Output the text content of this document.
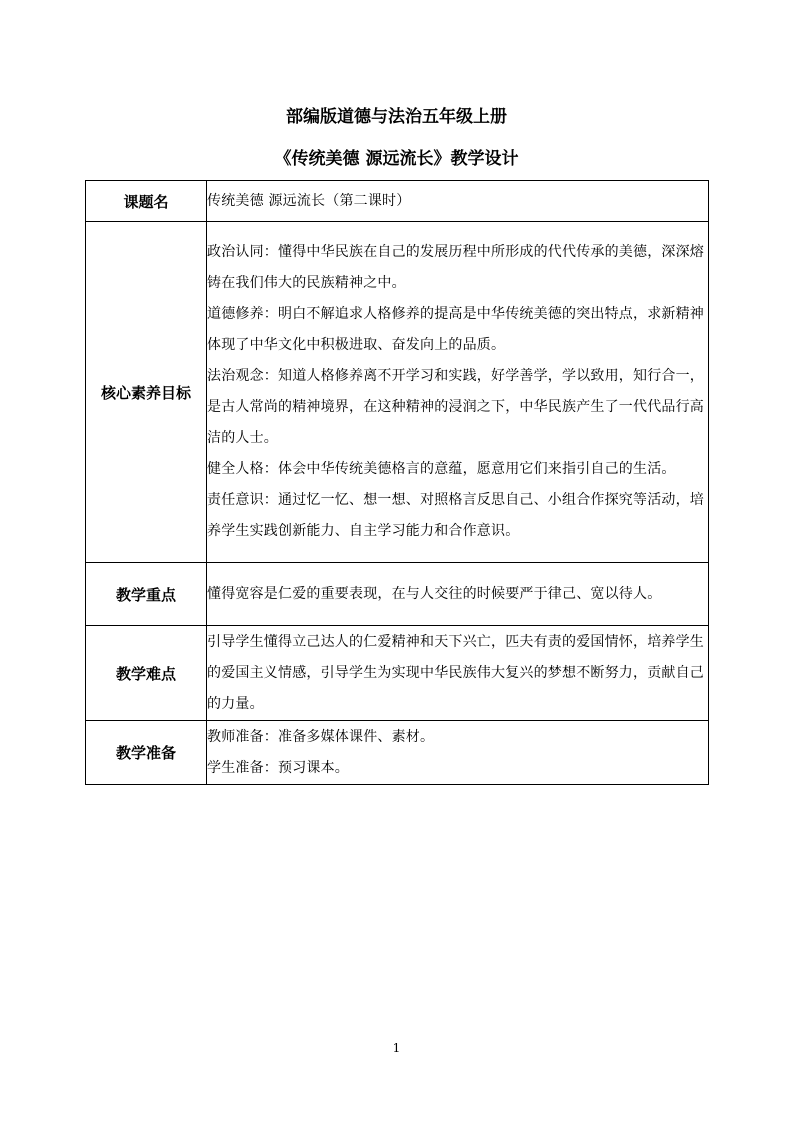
部编版道德与法治五年级上册
《传统美德 源远流长》教学设计
课题名	传统美德 源远流长（第二课时）
核心素养目标	政治认同：懂得中华民族在自己的发展历程中所形成的代代传承的美德，深深熔铸在我们伟大的民族精神之中。

道德修养：明白不解追求人格修养的提高是中华传统美德的突出特点，求新精神体现了中华文化中积极进取、奋发向上的品质。

法治观念：知道人格修养离不开学习和实践，好学善学，学以致用，知行合一，是古人常尚的精神境界，在这种精神的浸润之下，中华民族产生了一代代品行高洁的人士。

健全人格：体会中华传统美德格言的意蕴，愿意用它们来指引自己的生活。

责任意识：通过忆一忆、想一想、对照格言反思自己、小组合作探究等活动，培养学生实践创新能力、自主学习能力和合作意识。

教学重点	懂得宽容是仁爱的重要表现，在与人交往的时候要严于律己、宽以待人。
教学难点	引导学生懂得立己达人的仁爱精神和天下兴亡，匹夫有责的爱国情怀，培养学生的爱国主义情感，引导学生为实现中华民族伟大复兴的梦想不断努力，贡献自己的力量。
教学准备	教师准备：准备多媒体课件、素材。

学生准备：预习课本。

1
